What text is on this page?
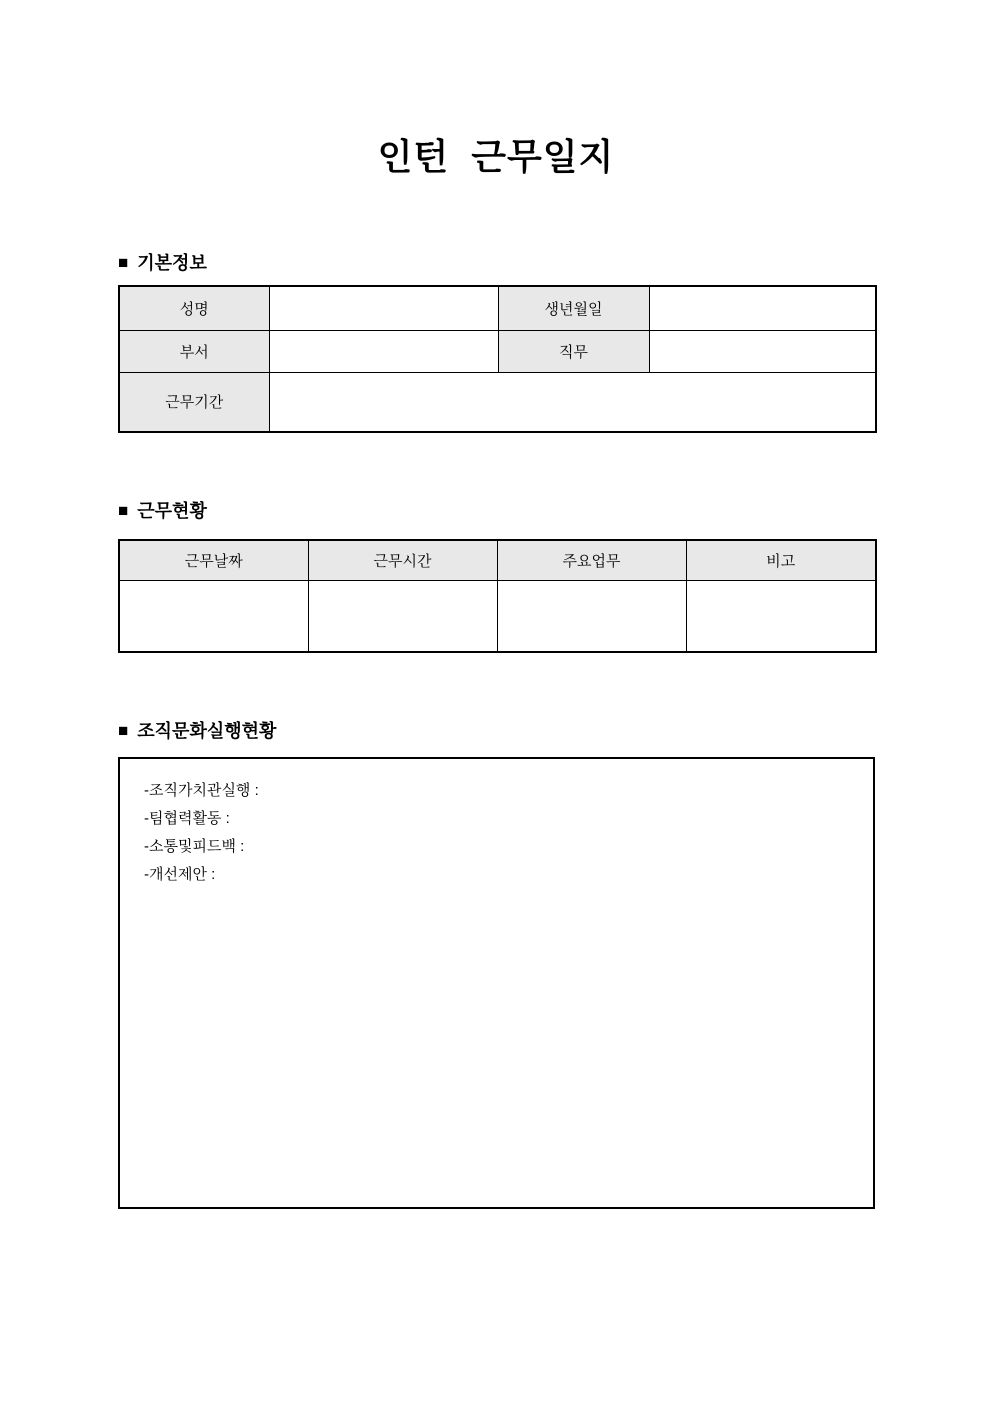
인턴  근무일지
■ 기본정보
성명		생년월일	
부서		직무	
근무기간			
■ 근무현황
근무날짜	근무시간	주요업무	비고

■ 조직문화실행현황
-조직가치관실행 :
-팀협력활동 :
-소통및피드백 :
-개선제안 :
